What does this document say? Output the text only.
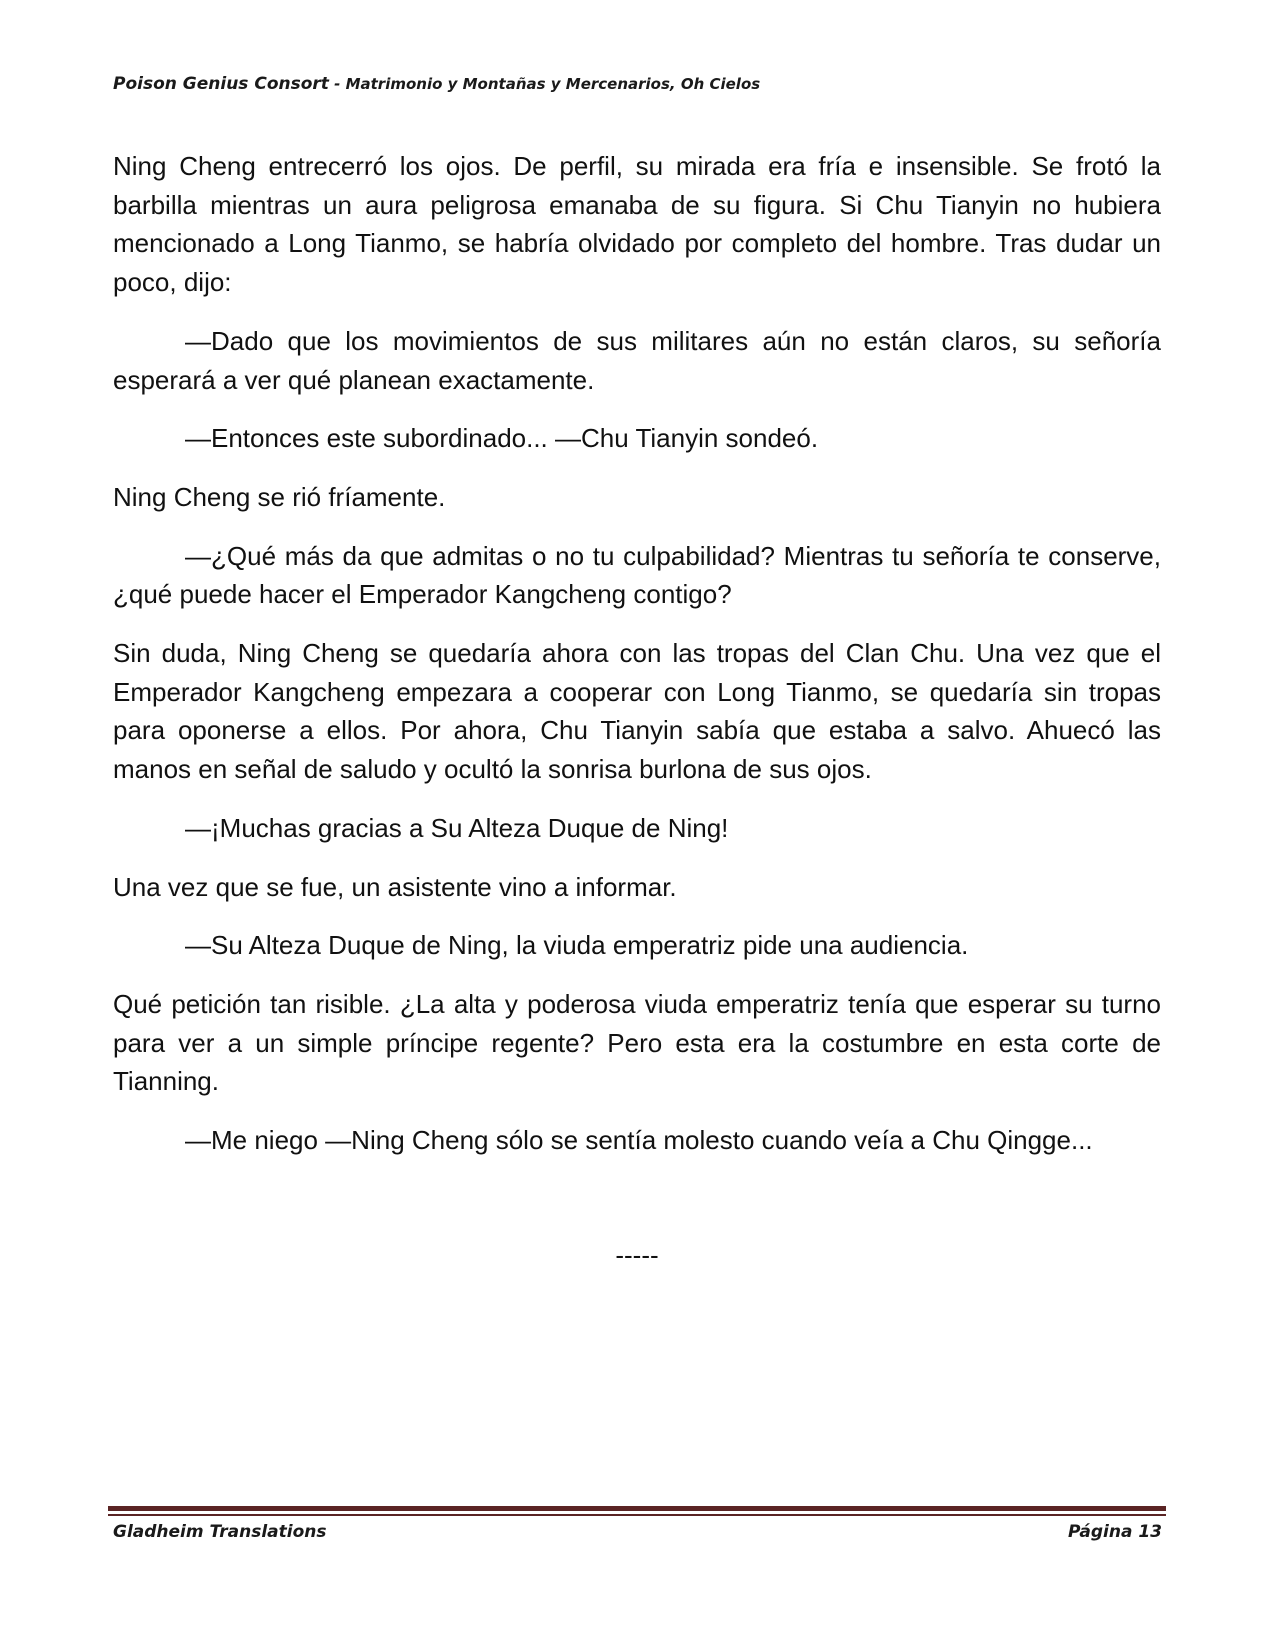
Poison Genius Consort - Matrimonio y Montañas y Mercenarios, Oh Cielos

Ning Cheng entrecerró los ojos. De perfil, su mirada era fría e insensible. Se frotó la barbilla mientras un aura peligrosa emanaba de su figura. Si Chu Tianyin no hubiera mencionado a Long Tianmo, se habría olvidado por completo del hombre. Tras dudar un poco, dijo:

—Dado que los movimientos de sus militares aún no están claros, su señoría esperará a ver qué planean exactamente.

—Entonces este subordinado... —Chu Tianyin sondeó.

Ning Cheng se rió fríamente.

—¿Qué más da que admitas o no tu culpabilidad? Mientras tu señoría te conserve, ¿qué puede hacer el Emperador Kangcheng contigo?

Sin duda, Ning Cheng se quedaría ahora con las tropas del Clan Chu. Una vez que el Emperador Kangcheng empezara a cooperar con Long Tianmo, se quedaría sin tropas para oponerse a ellos. Por ahora, Chu Tianyin sabía que estaba a salvo. Ahuecó las manos en señal de saludo y ocultó la sonrisa burlona de sus ojos.

—¡Muchas gracias a Su Alteza Duque de Ning!

Una vez que se fue, un asistente vino a informar.

—Su Alteza Duque de Ning, la viuda emperatriz pide una audiencia.

Qué petición tan risible. ¿La alta y poderosa viuda emperatriz tenía que esperar su turno para ver a un simple príncipe regente? Pero esta era la costumbre en esta corte de Tianning.

—Me niego —Ning Cheng sólo se sentía molesto cuando veía a Chu Qingge...

-----

Gladheim Translations	Página 13
